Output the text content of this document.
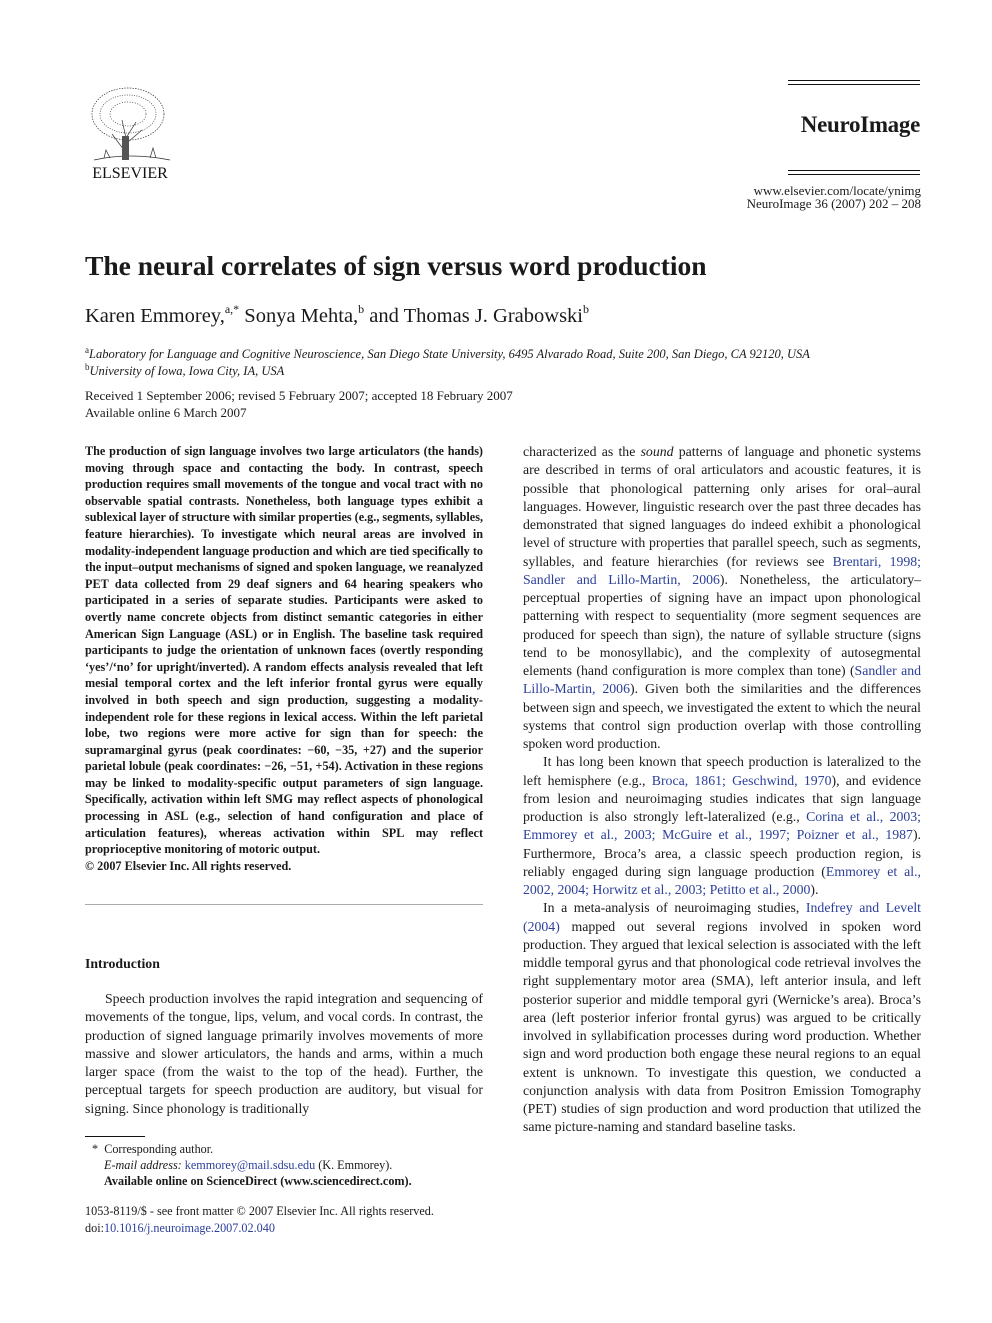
ELSEVIER
NeuroImage
www.elsevier.com/locate/ynimg
NeuroImage 36 (2007) 202 – 208
The neural correlates of sign versus word production
Karen Emmorey,$^{a,*}$ Sonya Mehta,$^b$ and Thomas J. Grabowski$^b$
$^a$Laboratory for Language and Cognitive Neuroscience, San Diego State University, 6495 Alvarado Road, Suite 200, San Diego, CA 92120, USA
$^b$University of Iowa, Iowa City, IA, USA
Received 1 September 2006; revised 5 February 2007; accepted 18 February 2007
Available online 6 March 2007
The production of sign language involves two large articulators (the hands) moving through space and contacting the body. In contrast, speech production requires small movements of the tongue and vocal tract with no observable spatial contrasts. Nonetheless, both language types exhibit a sublexical layer of structure with similar properties (e.g., segments, syllables, feature hierarchies). To investigate which neural areas are involved in modality-independent language production and which are tied specifically to the input–output mechanisms of signed and spoken language, we reanalyzed PET data collected from 29 deaf signers and 64 hearing speakers who participated in a series of separate studies. Participants were asked to overtly name concrete objects from distinct semantic categories in either American Sign Language (ASL) or in English. The baseline task required participants to judge the orientation of unknown faces (overtly responding ‘yes’/‘no’ for upright/inverted). A random effects analysis revealed that left mesial temporal cortex and the left inferior frontal gyrus were equally involved in both speech and sign production, suggesting a modality-independent role for these regions in lexical access. Within the left parietal lobe, two regions were more active for sign than for speech: the supramarginal gyrus (peak coordinates: −60, −35, +27) and the superior parietal lobule (peak coordinates: −26, −51, +54). Activation in these regions may be linked to modality-specific output parameters of sign language. Specifically, activation within left SMG may reflect aspects of phonological processing in ASL (e.g., selection of hand configuration and place of articulation features), whereas activation within SPL may reflect proprioceptive monitoring of motoric output.
© 2007 Elsevier Inc. All rights reserved.
Introduction
Speech production involves the rapid integration and sequencing of movements of the tongue, lips, velum, and vocal cords. In contrast, the production of signed language primarily involves movements of more massive and slower articulators, the hands and arms, within a much larger space (from the waist to the top of the head). Further, the perceptual targets for speech production are auditory, but visual for signing. Since phonology is traditionally

characterized as the sound patterns of language and phonetic systems are described in terms of oral articulators and acoustic features, it is possible that phonological patterning only arises for oral–aural languages. However, linguistic research over the past three decades has demonstrated that signed languages do indeed exhibit a phonological level of structure with properties that parallel speech, such as segments, syllables, and feature hierarchies (for reviews see Brentari, 1998; Sandler and Lillo-Martin, 2006). Nonetheless, the articulatory–perceptual properties of signing have an impact upon phonological patterning with respect to sequentiality (more segment sequences are produced for speech than sign), the nature of syllable structure (signs tend to be monosyllabic), and the complexity of autosegmental elements (hand configuration is more complex than tone) (Sandler and Lillo-Martin, 2006). Given both the similarities and the differences between sign and speech, we investigated the extent to which the neural systems that control sign production overlap with those controlling spoken word production.

It has long been known that speech production is lateralized to the left hemisphere (e.g., Broca, 1861; Geschwind, 1970), and evidence from lesion and neuroimaging studies indicates that sign language production is also strongly left-lateralized (e.g., Corina et al., 2003; Emmorey et al., 2003; McGuire et al., 1997; Poizner et al., 1987). Furthermore, Broca’s area, a classic speech production region, is reliably engaged during sign language production (Emmorey et al., 2002, 2004; Horwitz et al., 2003; Petitto et al., 2000).

In a meta-analysis of neuroimaging studies, Indefrey and Levelt (2004) mapped out several regions involved in spoken word production. They argued that lexical selection is associated with the left middle temporal gyrus and that phonological code retrieval involves the right supplementary motor area (SMA), left anterior insula, and left posterior superior and middle temporal gyri (Wernicke’s area). Broca’s area (left posterior inferior frontal gyrus) was argued to be critically involved in syllabification processes during word production. Whether sign and word production both engage these neural regions to an equal extent is unknown. To investigate this question, we conducted a conjunction analysis with data from Positron Emission Tomography (PET) studies of sign production and word production that utilized the same picture-naming and standard baseline tasks.

* Corresponding author.
E-mail address: kemmorey@mail.sdsu.edu (K. Emmorey).
Available online on ScienceDirect (www.sciencedirect.com).
1053-8119/$ - see front matter © 2007 Elsevier Inc. All rights reserved.
doi:10.1016/j.neuroimage.2007.02.040
